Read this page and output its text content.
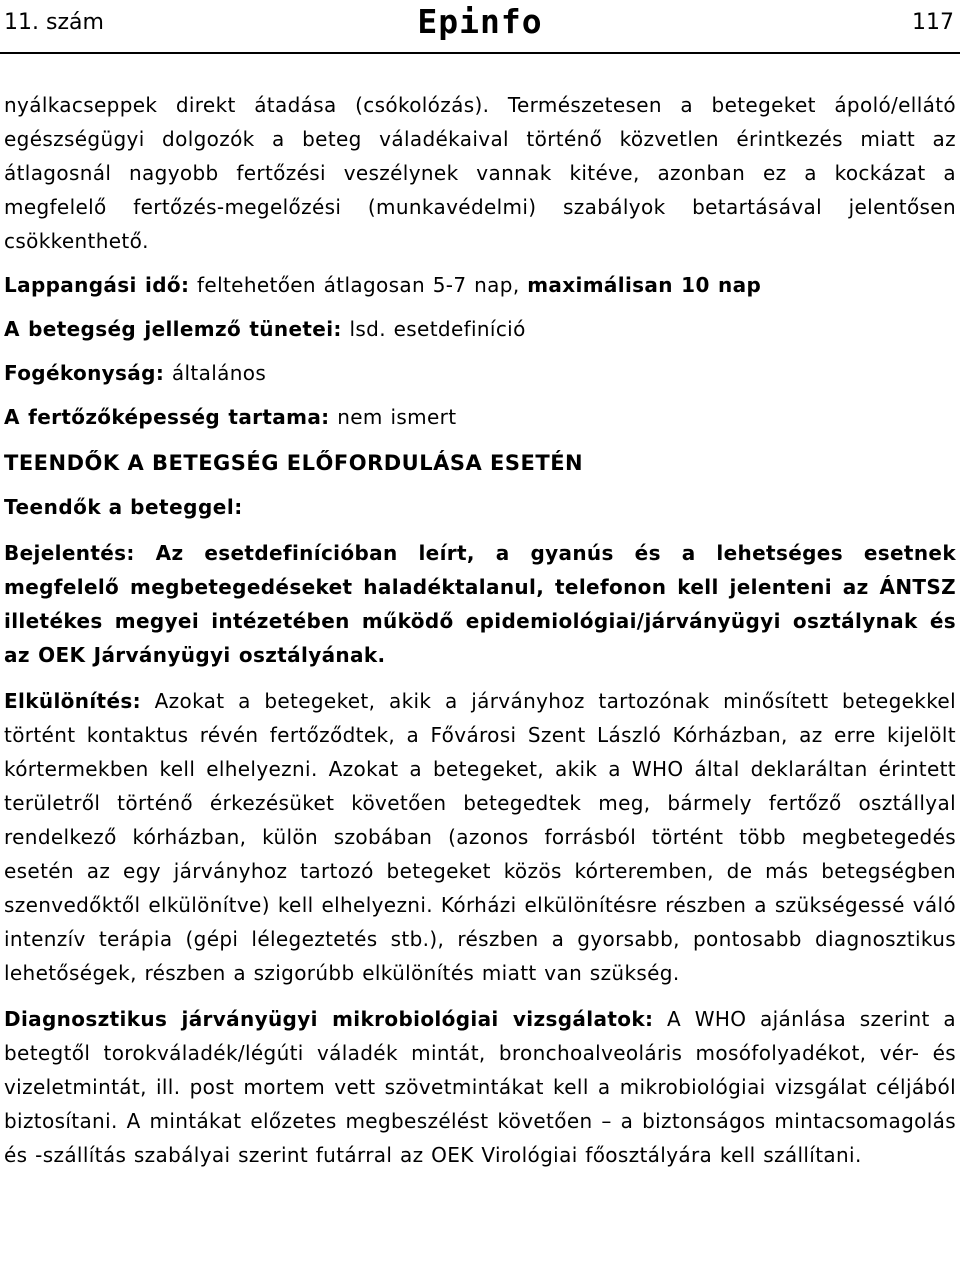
11. szám	Epinfo	117

nyálkacseppek direkt átadása (csókolózás). Természetesen a betegeket ápoló/ellátó egészségügyi dolgozók a beteg váladékaival történő közvetlen érintkezés miatt az átlagosnál nagyobb fertőzési veszélynek vannak kitéve, azonban ez a kockázat a megfelelő fertőzés-megelőzési (munkavédelmi) szabályok betartásával jelentősen csökkenthető.

Lappangási idő: feltehetően átlagosan 5-7 nap, maximálisan 10 nap

A betegség jellemző tünetei: lsd. esetdefiníció

Fogékonyság: általános

A fertőzőképesség tartama: nem ismert

TEENDŐK A BETEGSÉG ELŐFORDULÁSA ESETÉN

Teendők a beteggel:

Bejelentés: Az esetdefinícióban leírt, a gyanús és a lehetséges esetnek megfelelő megbetegedéseket haladéktalanul, telefonon kell jelenteni az ÁNTSZ illetékes megyei intézetében működő epidemiológiai/járványügyi osztálynak és az OEK Járványügyi osztályának.

Elkülönítés: Azokat a betegeket, akik a járványhoz tartozónak minősített betegekkel történt kontaktus révén fertőződtek, a Fővárosi Szent László Kórházban, az erre kijelölt kórtermekben kell elhelyezni. Azokat a betegeket, akik a WHO által deklaráltan érintett területről történő érkezésüket követően betegedtek meg, bármely fertőző osztállyal rendelkező kórházban, külön szobában (azonos forrásból történt több megbetegedés esetén az egy járványhoz tartozó betegeket közös kórteremben, de más betegségben szenvedőktől elkülönítve) kell elhelyezni. Kórházi elkülönítésre részben a szükségessé váló intenzív terápia (gépi lélegeztetés stb.), részben a gyorsabb, pontosabb diagnosztikus lehetőségek, részben a szigorúbb elkülönítés miatt van szükség.

Diagnosztikus járványügyi mikrobiológiai vizsgálatok: A WHO ajánlása szerint a betegtől torokváladék/légúti váladék mintát, bronchoalveoláris mosófolyadékot, vér- és vizeletmintát, ill. post mortem vett szövetmintákat kell a mikrobiológiai vizsgálat céljából biztosítani. A mintákat előzetes megbeszélést követően – a biztonságos mintacsomagolás és -szállítás szabályai szerint futárral az OEK Virológiai főosztályára kell szállítani.
